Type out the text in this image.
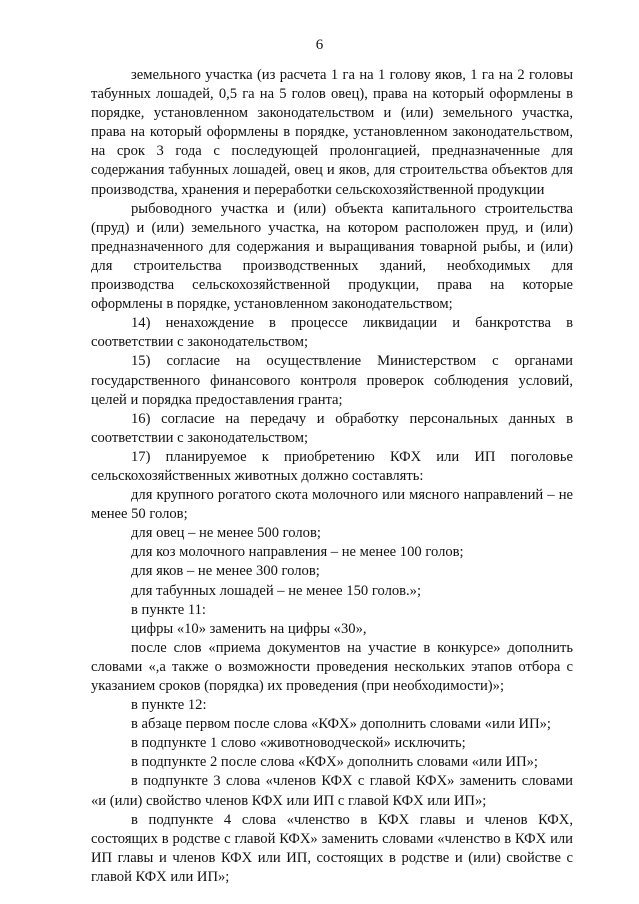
6

земельного участка (из расчета 1 га на 1 голову яков, 1 га на 2 головы табунных лошадей, 0,5 га на 5 голов овец), права на который оформлены в порядке, установленном законодательством и (или) земельного участка, права на который оформлены в порядке, установленном законодательством, на срок 3 года с последующей пролонгацией, предназначенные для содержания табунных лошадей, овец и яков, для строительства объектов для производства, хранения и переработки сельскохозяйственной продукции

рыбоводного участка и (или) объекта капитального строительства (пруд) и (или) земельного участка, на котором расположен пруд, и (или) предназначенного для содержания и выращивания товарной рыбы, и (или) для строительства производственных зданий, необходимых для производства сельскохозяйственной продукции, права на которые оформлены в порядке, установленном законодательством;

14) ненахождение в процессе ликвидации и банкротства в соответствии с законодательством;

15) согласие на осуществление Министерством с органами государственного финансового контроля проверок соблюдения условий, целей и порядка предоставления гранта;

16) согласие на передачу и обработку персональных данных в соответствии с законодательством;

17) планируемое к приобретению КФХ или ИП поголовье сельскохозяйственных животных должно составлять:

для крупного рогатого скота молочного или мясного направлений – не менее 50 голов;

для овец – не менее 500 голов;

для коз молочного направления – не менее 100 голов;

для яков – не менее 300 голов;

для табунных лошадей – не менее 150 голов.»;

в пункте 11:

цифры «10» заменить на цифры «30»,

после слов «приема документов на участие в конкурсе» дополнить словами «,а также о возможности проведения нескольких этапов отбора с указанием сроков (порядка) их проведения (при необходимости)»;

в пункте 12:

в абзаце первом после слова «КФХ» дополнить словами «или ИП»;

в подпункте 1 слово «животноводческой» исключить;

в подпункте 2 после слова «КФХ» дополнить словами «или ИП»;

в подпункте 3 слова «членов КФХ с главой КФХ» заменить словами «и (или) свойство членов КФХ или ИП с главой КФХ или ИП»;

в подпункте 4 слова «членство в КФХ главы и членов КФХ, состоящих в родстве с главой КФХ» заменить словами «членство в КФХ или ИП главы и членов КФХ или ИП, состоящих в родстве и (или) свойстве с главой КФХ или ИП»;
